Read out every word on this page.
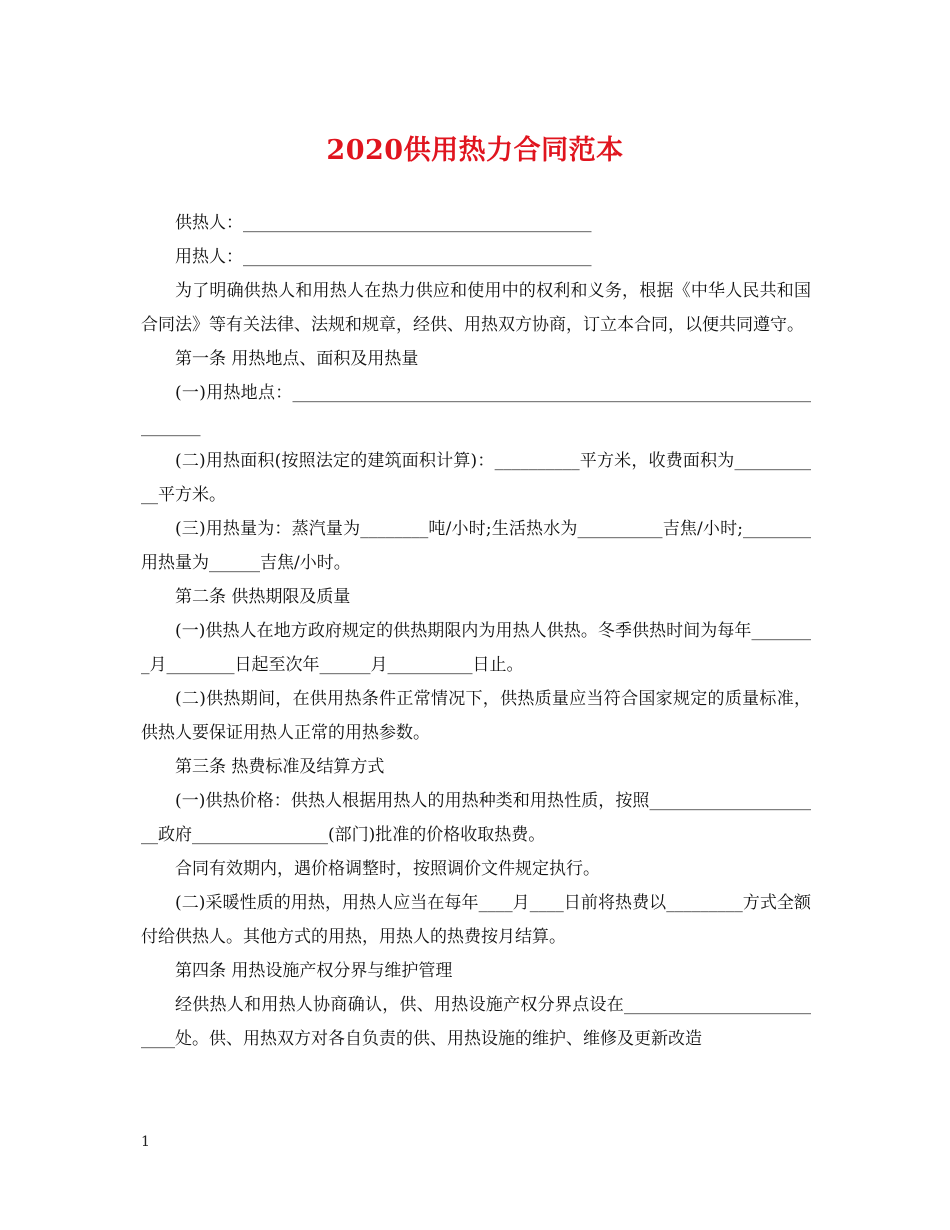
2020供用热力合同范本

供热人：_________________________________________

用热人：_________________________________________

为了明确供热人和用热人在热力供应和使用中的权利和义务，根据《中华人民共和国合同法》等有关法律、法规和规章，经供、用热双方协商，订立本合同，以便共同遵守。

第一条 用热地点、面积及用热量

(一)用热地点：____________________________________________________________________

(二)用热面积(按照法定的建筑面积计算)：__________平方米，收费面积为___________平方米。

(三)用热量为：蒸汽量为________吨/小时;生活热水为__________吉焦/小时;________用热量为______吉焦/小时。

第二条 供热期限及质量

(一)供热人在地方政府规定的供热期限内为用热人供热。冬季供热时间为每年________月________日起至次年______月__________日止。

(二)供热期间，在供用热条件正常情况下，供热质量应当符合国家规定的质量标准，供热人要保证用热人正常的用热参数。

第三条 热费标准及结算方式

(一)供热价格：供热人根据用热人的用热种类和用热性质，按照_____________________政府________________(部门)批准的价格收取热费。

合同有效期内，遇价格调整时，按照调价文件规定执行。

(二)采暖性质的用热，用热人应当在每年____月____日前将热费以_________方式全额付给供热人。其他方式的用热，用热人的热费按月结算。

第四条 用热设施产权分界与维护管理

经供热人和用热人协商确认，供、用热设施产权分界点设在__________________________处。供、用热双方对各自负责的供、用热设施的维护、维修及更新改造

1
